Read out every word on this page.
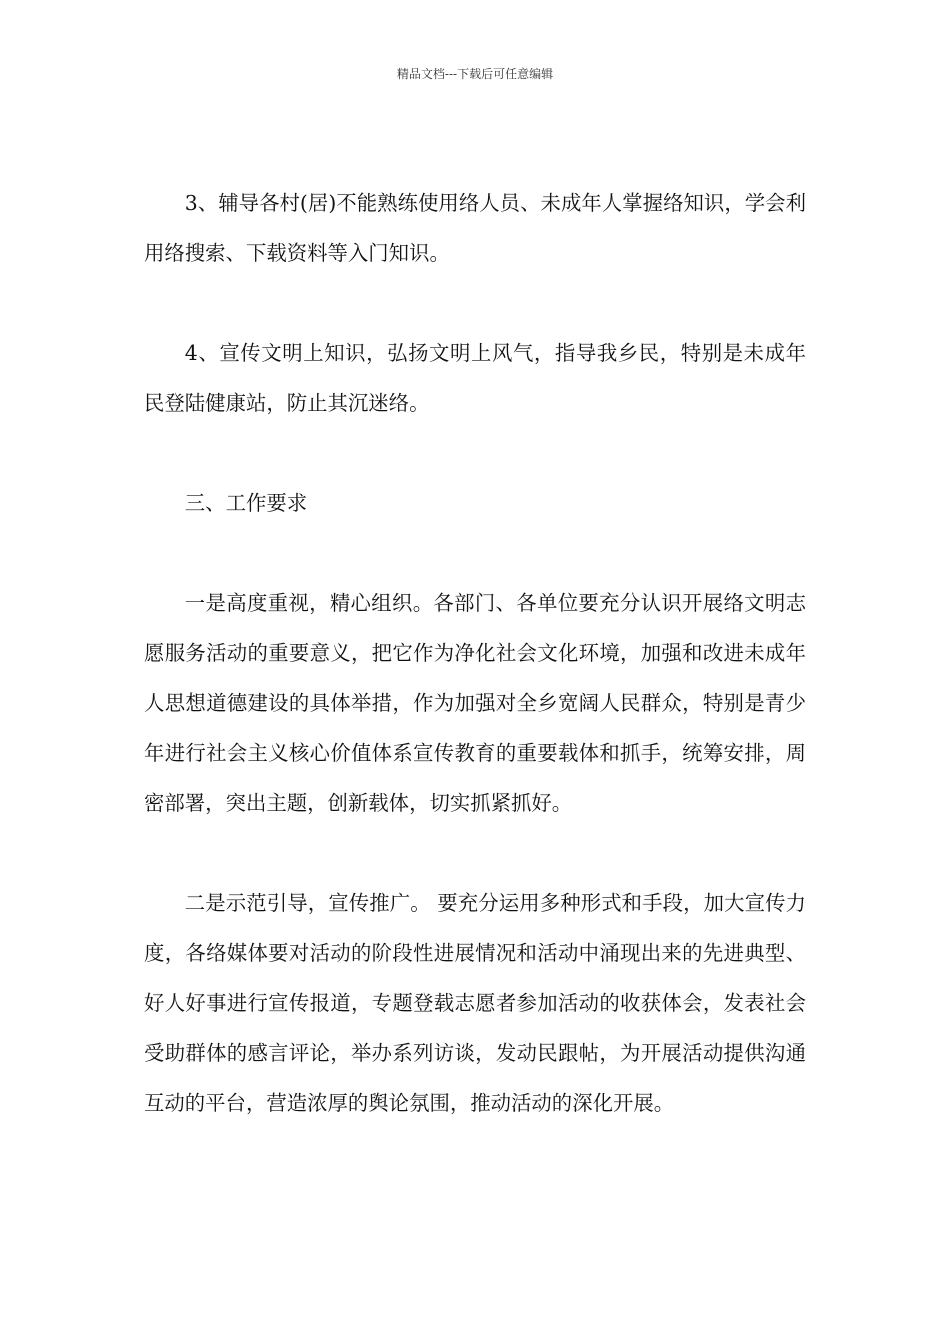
精品文档---下载后可任意编辑

3、辅导各村(居)不能熟练使用络人员、未成年人掌握络知识，学会利用络搜索、下载资料等入门知识。

4、宣传文明上知识，弘扬文明上风气，指导我乡民，特别是未成年民登陆健康站，防止其沉迷络。

三、工作要求

一是高度重视，精心组织。各部门、各单位要充分认识开展络文明志愿服务活动的重要意义，把它作为净化社会文化环境，加强和改进未成年人思想道德建设的具体举措，作为加强对全乡宽阔人民群众，特别是青少年进行社会主义核心价值体系宣传教育的重要载体和抓手，统筹安排，周密部署，突出主题，创新载体，切实抓紧抓好。

二是示范引导，宣传推广。 要充分运用多种形式和手段，加大宣传力度，各络媒体要对活动的阶段性进展情况和活动中涌现出来的先进典型、好人好事进行宣传报道，专题登载志愿者参加活动的收获体会，发表社会受助群体的感言评论，举办系列访谈，发动民跟帖，为开展活动提供沟通互动的平台，营造浓厚的舆论氛围，推动活动的深化开展。
